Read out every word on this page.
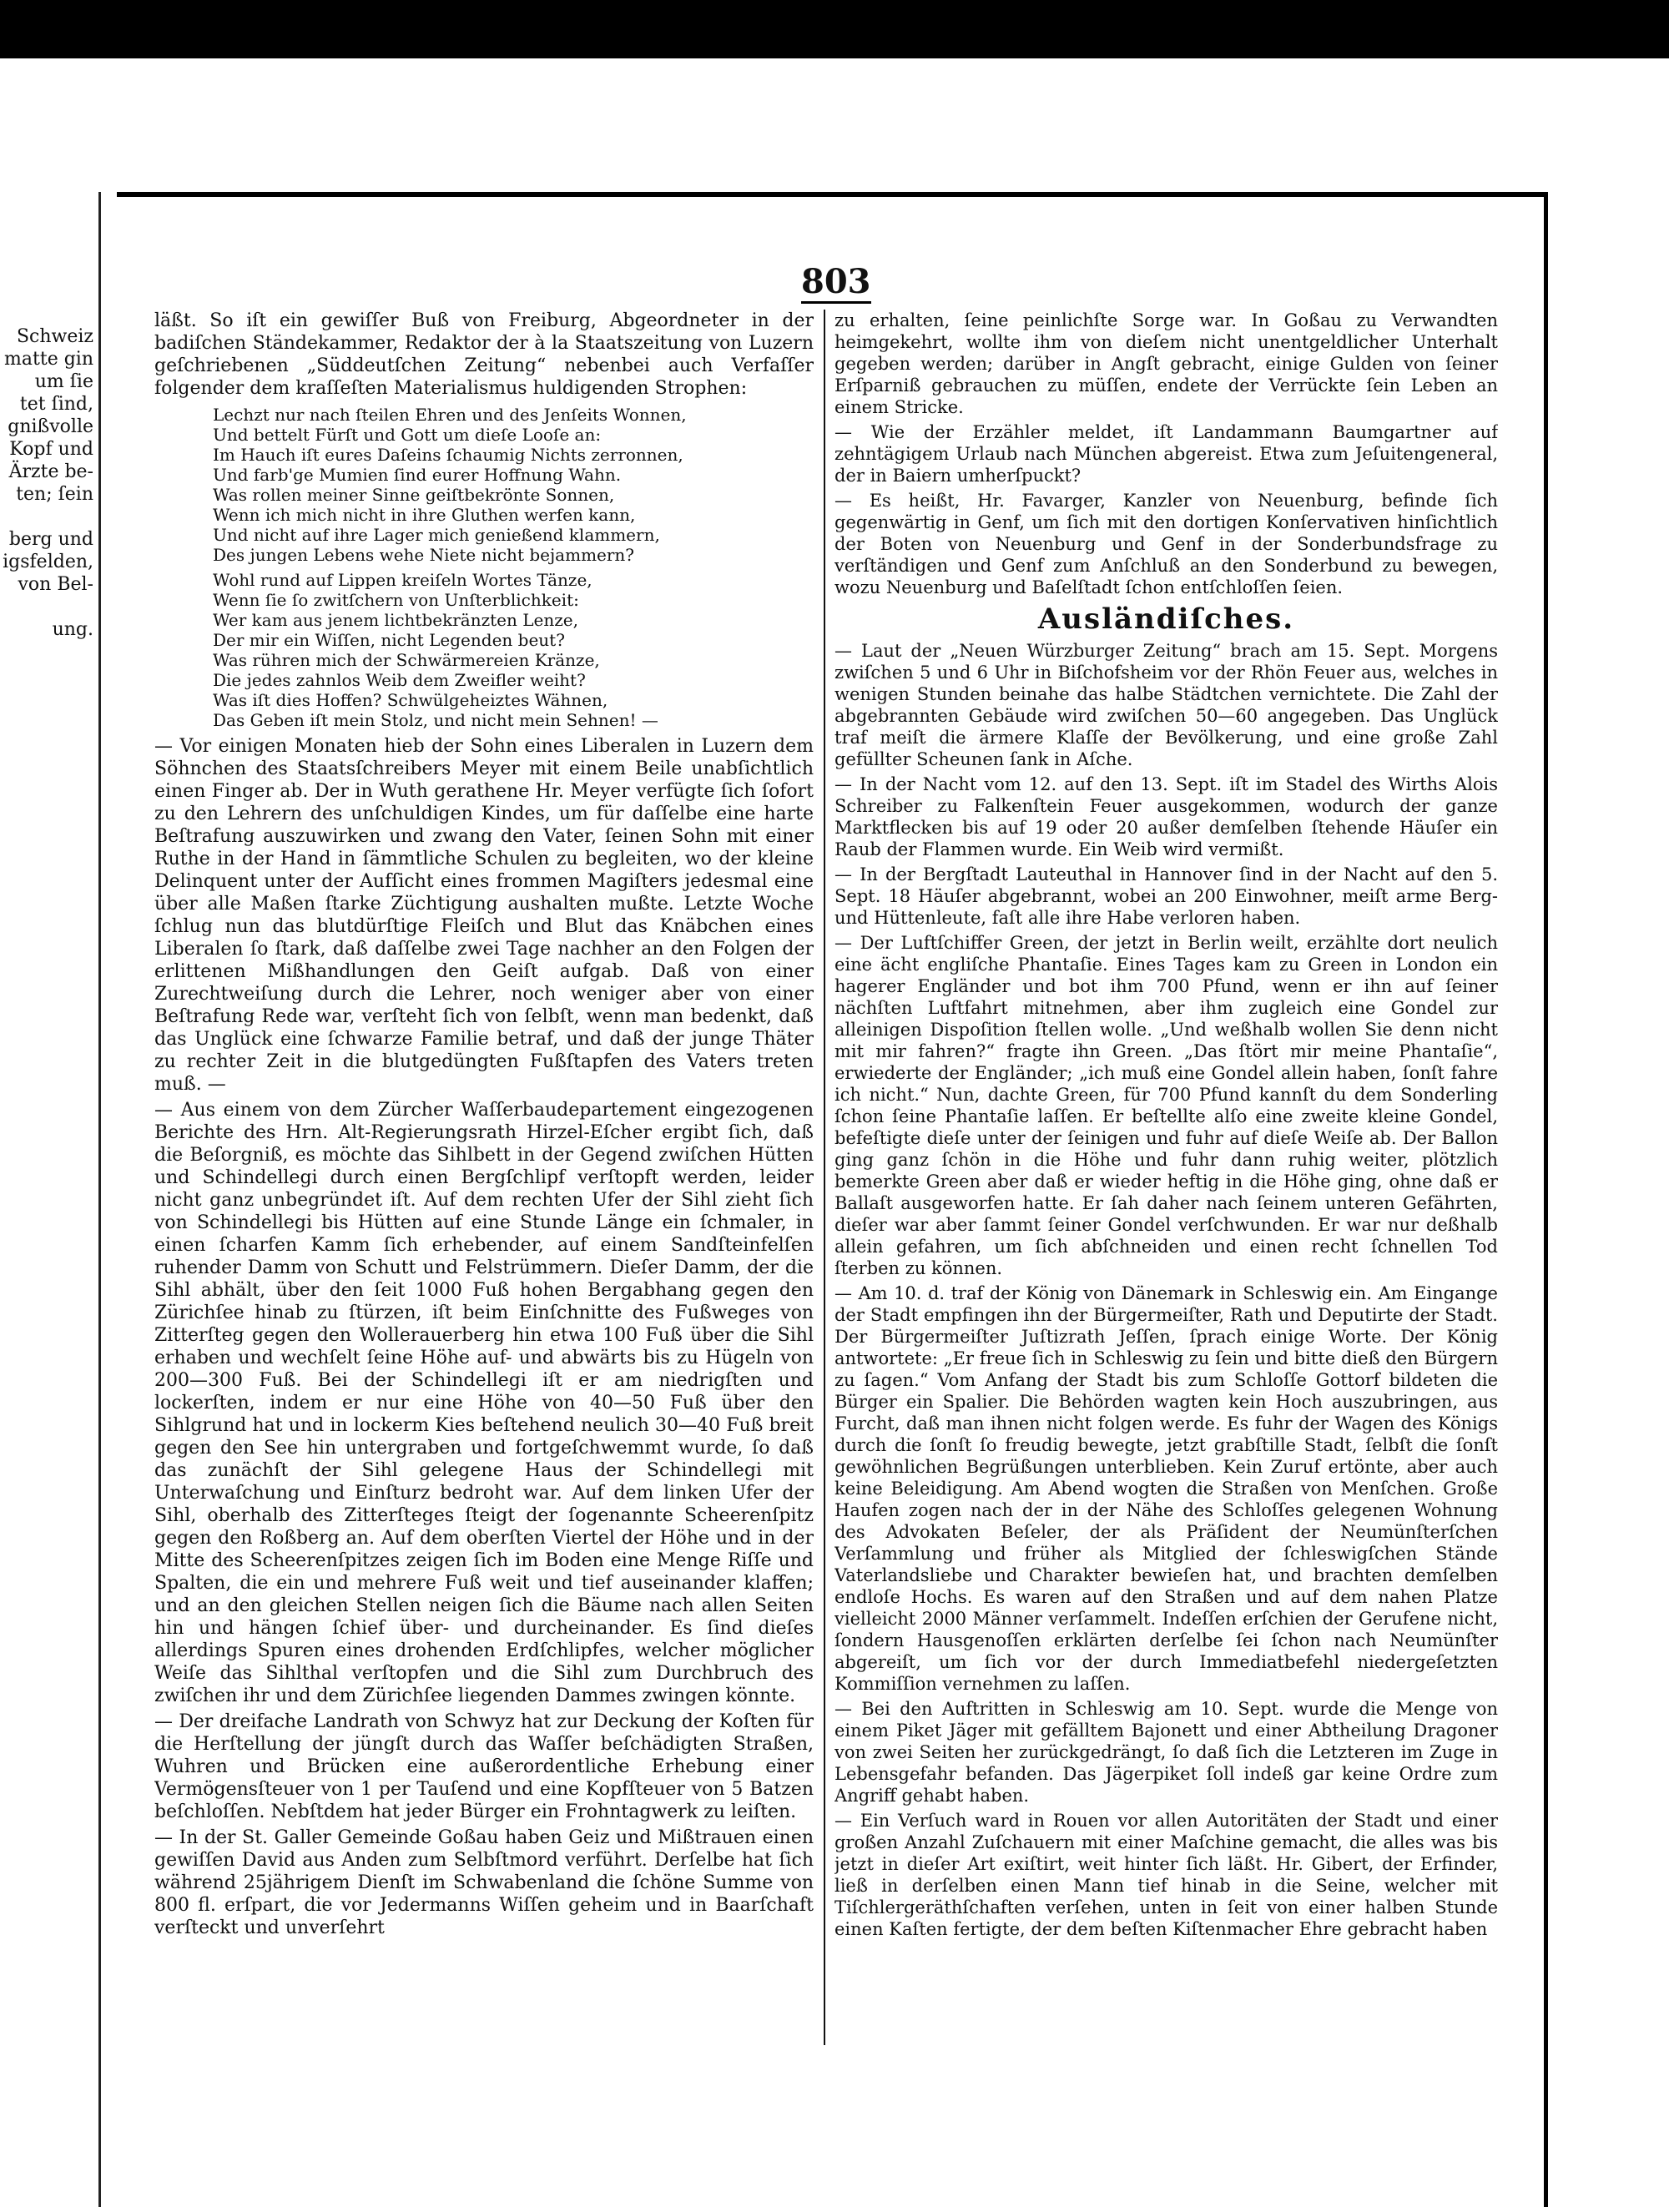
Schweiz

matte gin

um ſie

tet ſind,

gnißvolle

Kopf und

Ärzte be-

ten; ſein

berg und

igsfelden,

von Bel-

ung.

803

läßt. So iſt ein gewiſſer Buß von Freiburg, Abgeordneter in der badiſchen Ständekammer, Redaktor der à la Staatszeitung von Luzern geſchriebenen „Süddeutſchen Zeitung“ nebenbei auch Verfaſſer folgender dem kraſſeſten Materialismus huldigenden Strophen:

Lechzt nur nach ſteilen Ehren und des Jenſeits Wonnen,
Und bettelt Fürſt und Gott um dieſe Looſe an:
Im Hauch iſt eures Daſeins ſchaumig Nichts zerronnen,
Und farb'ge Mumien ſind eurer Hoffnung Wahn.
Was rollen meiner Sinne geiſtbekrönte Sonnen,
Wenn ich mich nicht in ihre Gluthen werfen kann,
Und nicht auf ihre Lager mich genießend klammern,
Des jungen Lebens wehe Niete nicht bejammern?
Wohl rund auf Lippen kreiſeln Wortes Tänze,
Wenn ſie ſo zwitſchern von Unſterblichkeit:
Wer kam aus jenem lichtbekränzten Lenze,
Der mir ein Wiſſen, nicht Legenden beut?
Was rühren mich der Schwärmereien Kränze,
Die jedes zahnlos Weib dem Zweifler weiht?
Was iſt dies Hoffen? Schwülgeheiztes Wähnen,
Das Geben iſt mein Stolz, und nicht mein Sehnen! —

— Vor einigen Monaten hieb der Sohn eines Liberalen in Luzern dem Söhnchen des Staatsſchreibers Meyer mit einem Beile unabſichtlich einen Finger ab. Der in Wuth gerathene Hr. Meyer verfügte ſich ſofort zu den Lehrern des unſchuldigen Kindes, um für daſſelbe eine harte Beſtrafung auszuwirken und zwang den Vater, ſeinen Sohn mit einer Ruthe in der Hand in ſämmtliche Schulen zu begleiten, wo der kleine Delinquent unter der Aufſicht eines frommen Magiſters jedesmal eine über alle Maßen ſtarke Züchtigung aushalten mußte. Letzte Woche ſchlug nun das blutdürſtige Fleiſch und Blut das Knäbchen eines Liberalen ſo ſtark, daß daſſelbe zwei Tage nachher an den Folgen der erlittenen Mißhandlungen den Geiſt aufgab. Daß von einer Zurechtweiſung durch die Lehrer, noch weniger aber von einer Beſtrafung Rede war, verſteht ſich von ſelbſt, wenn man bedenkt, daß das Unglück eine ſchwarze Familie betraf, und daß der junge Thäter zu rechter Zeit in die blutgedüngten Fußſtapfen des Vaters treten muß. —

— Aus einem von dem Zürcher Waſſerbaudepartement eingezogenen Berichte des Hrn. Alt-Regierungsrath Hirzel-Eſcher ergibt ſich, daß die Beſorgniß, es möchte das Sihlbett in der Gegend zwiſchen Hütten und Schindellegi durch einen Bergſchlipf verſtopft werden, leider nicht ganz unbegründet iſt. Auf dem rechten Ufer der Sihl zieht ſich von Schindellegi bis Hütten auf eine Stunde Länge ein ſchmaler, in einen ſcharfen Kamm ſich erhebender, auf einem Sandſteinfelſen ruhender Damm von Schutt und Felstrümmern. Dieſer Damm, der die Sihl abhält, über den ſeit 1000 Fuß hohen Bergabhang gegen den Zürichſee hinab zu ſtürzen, iſt beim Einſchnitte des Fußweges von Zitterſteg gegen den Wollerauerberg hin etwa 100 Fuß über die Sihl erhaben und wechſelt ſeine Höhe auf- und abwärts bis zu Hügeln von 200—300 Fuß. Bei der Schindellegi iſt er am niedrigſten und lockerſten, indem er nur eine Höhe von 40—50 Fuß über den Sihlgrund hat und in lockerm Kies beſtehend neulich 30—40 Fuß breit gegen den See hin untergraben und fortgeſchwemmt wurde, ſo daß das zunächſt der Sihl gelegene Haus der Schindellegi mit Unterwaſchung und Einſturz bedroht war. Auf dem linken Ufer der Sihl, oberhalb des Zitterſteges ſteigt der ſogenannte Scheerenſpitz gegen den Roßberg an. Auf dem oberſten Viertel der Höhe und in der Mitte des Scheerenſpitzes zeigen ſich im Boden eine Menge Riſſe und Spalten, die ein und mehrere Fuß weit und tief auseinander klaffen; und an den gleichen Stellen neigen ſich die Bäume nach allen Seiten hin und hängen ſchief über- und durcheinander. Es ſind dieſes allerdings Spuren eines drohenden Erdſchlipfes, welcher möglicher Weiſe das Sihlthal verſtopfen und die Sihl zum Durchbruch des zwiſchen ihr und dem Zürichſee liegenden Dammes zwingen könnte.

— Der dreifache Landrath von Schwyz hat zur Deckung der Koſten für die Herſtellung der jüngſt durch das Waſſer beſchädigten Straßen, Wuhren und Brücken eine außerordentliche Erhebung einer Vermögensſteuer von 1 per Tauſend und eine Kopfſteuer von 5 Batzen beſchloſſen. Nebſtdem hat jeder Bürger ein Frohntagwerk zu leiſten.

— In der St. Galler Gemeinde Goßau haben Geiz und Mißtrauen einen gewiſſen David aus Anden zum Selbſtmord verführt. Derſelbe hat ſich während 25jährigem Dienſt im Schwabenland die ſchöne Summe von 800 fl. erſpart, die vor Jedermanns Wiſſen geheim und in Baarſchaft verſteckt und unverſehrt

zu erhalten, ſeine peinlichſte Sorge war. In Goßau zu Verwandten heimgekehrt, wollte ihm von dieſem nicht unentgeldlicher Unterhalt gegeben werden; darüber in Angſt gebracht, einige Gulden von ſeiner Erſparniß gebrauchen zu müſſen, endete der Verrückte ſein Leben an einem Stricke.

— Wie der Erzähler meldet, iſt Landammann Baumgartner auf zehntägigem Urlaub nach München abgereist. Etwa zum Jeſuitengeneral, der in Baiern umherſpuckt?

— Es heißt, Hr. Favarger, Kanzler von Neuenburg, befinde ſich gegenwärtig in Genf, um ſich mit den dortigen Konſervativen hinſichtlich der Boten von Neuenburg und Genf in der Sonderbundsfrage zu verſtändigen und Genf zum Anſchluß an den Sonderbund zu bewegen, wozu Neuenburg und Baſelſtadt ſchon entſchloſſen ſeien.

Ausländiſches.

— Laut der „Neuen Würzburger Zeitung“ brach am 15. Sept. Morgens zwiſchen 5 und 6 Uhr in Biſchofsheim vor der Rhön Feuer aus, welches in wenigen Stunden beinahe das halbe Städtchen vernichtete. Die Zahl der abgebrannten Gebäude wird zwiſchen 50—60 angegeben. Das Unglück traf meiſt die ärmere Klaſſe der Bevölkerung, und eine große Zahl gefüllter Scheunen ſank in Aſche.

— In der Nacht vom 12. auf den 13. Sept. iſt im Stadel des Wirths Alois Schreiber zu Falkenſtein Feuer ausgekommen, wodurch der ganze Marktflecken bis auf 19 oder 20 außer demſelben ſtehende Häuſer ein Raub der Flammen wurde. Ein Weib wird vermißt.

— In der Bergſtadt Lauteuthal in Hannover ſind in der Nacht auf den 5. Sept. 18 Häuſer abgebrannt, wobei an 200 Einwohner, meiſt arme Berg- und Hüttenleute, faſt alle ihre Habe verloren haben.

— Der Luftſchiffer Green, der jetzt in Berlin weilt, erzählte dort neulich eine ächt engliſche Phantaſie. Eines Tages kam zu Green in London ein hagerer Engländer und bot ihm 700 Pfund, wenn er ihn auf ſeiner nächſten Luftfahrt mitnehmen, aber ihm zugleich eine Gondel zur alleinigen Dispoſition ſtellen wolle. „Und weßhalb wollen Sie denn nicht mit mir fahren?“ fragte ihn Green. „Das ſtört mir meine Phantaſie“, erwiederte der Engländer; „ich muß eine Gondel allein haben, ſonſt fahre ich nicht.“ Nun, dachte Green, für 700 Pfund kannſt du dem Sonderling ſchon ſeine Phantaſie laſſen. Er beſtellte alſo eine zweite kleine Gondel, befeſtigte dieſe unter der ſeinigen und fuhr auf dieſe Weiſe ab. Der Ballon ging ganz ſchön in die Höhe und fuhr dann ruhig weiter, plötzlich bemerkte Green aber daß er wieder heftig in die Höhe ging, ohne daß er Ballaſt ausgeworfen hatte. Er ſah daher nach ſeinem unteren Gefährten, dieſer war aber ſammt ſeiner Gondel verſchwunden. Er war nur deßhalb allein gefahren, um ſich abſchneiden und einen recht ſchnellen Tod ſterben zu können.

— Am 10. d. traf der König von Dänemark in Schleswig ein. Am Eingange der Stadt empfingen ihn der Bürgermeiſter, Rath und Deputirte der Stadt. Der Bürgermeiſter Juſtizrath Jeſſen, ſprach einige Worte. Der König antwortete: „Er freue ſich in Schleswig zu ſein und bitte dieß den Bürgern zu ſagen.“ Vom Anfang der Stadt bis zum Schloſſe Gottorf bildeten die Bürger ein Spalier. Die Behörden wagten kein Hoch auszubringen, aus Furcht, daß man ihnen nicht folgen werde. Es fuhr der Wagen des Königs durch die ſonſt ſo freudig bewegte, jetzt grabſtille Stadt, ſelbſt die ſonſt gewöhnlichen Begrüßungen unterblieben. Kein Zuruf ertönte, aber auch keine Beleidigung. Am Abend wogten die Straßen von Menſchen. Große Haufen zogen nach der in der Nähe des Schloſſes gelegenen Wohnung des Advokaten Beſeler, der als Präſident der Neumünſterſchen Verſammlung und früher als Mitglied der ſchleswigſchen Stände Vaterlandsliebe und Charakter bewieſen hat, und brachten demſelben endloſe Hochs. Es waren auf den Straßen und auf dem nahen Platze vielleicht 2000 Männer verſammelt. Indeſſen erſchien der Gerufene nicht, ſondern Hausgenoſſen erklärten derſelbe ſei ſchon nach Neumünſter abgereiſt, um ſich vor der durch Immediatbefehl niedergeſetzten Kommiſſion vernehmen zu laſſen.

— Bei den Auftritten in Schleswig am 10. Sept. wurde die Menge von einem Piket Jäger mit gefälltem Bajonett und einer Abtheilung Dragoner von zwei Seiten her zurückgedrängt, ſo daß ſich die Letzteren im Zuge in Lebensgefahr befanden. Das Jägerpiket ſoll indeß gar keine Ordre zum Angriff gehabt haben.

— Ein Verſuch ward in Rouen vor allen Autoritäten der Stadt und einer großen Anzahl Zuſchauern mit einer Maſchine gemacht, die alles was bis jetzt in dieſer Art exiſtirt, weit hinter ſich läßt. Hr. Gibert, der Erfinder, ließ in derſelben einen Mann tief hinab in die Seine, welcher mit Tiſchlergeräthſchaften verſehen, unten in ſeit von einer halben Stunde einen Kaſten fertigte, der dem beſten Kiſtenmacher Ehre gebracht haben
